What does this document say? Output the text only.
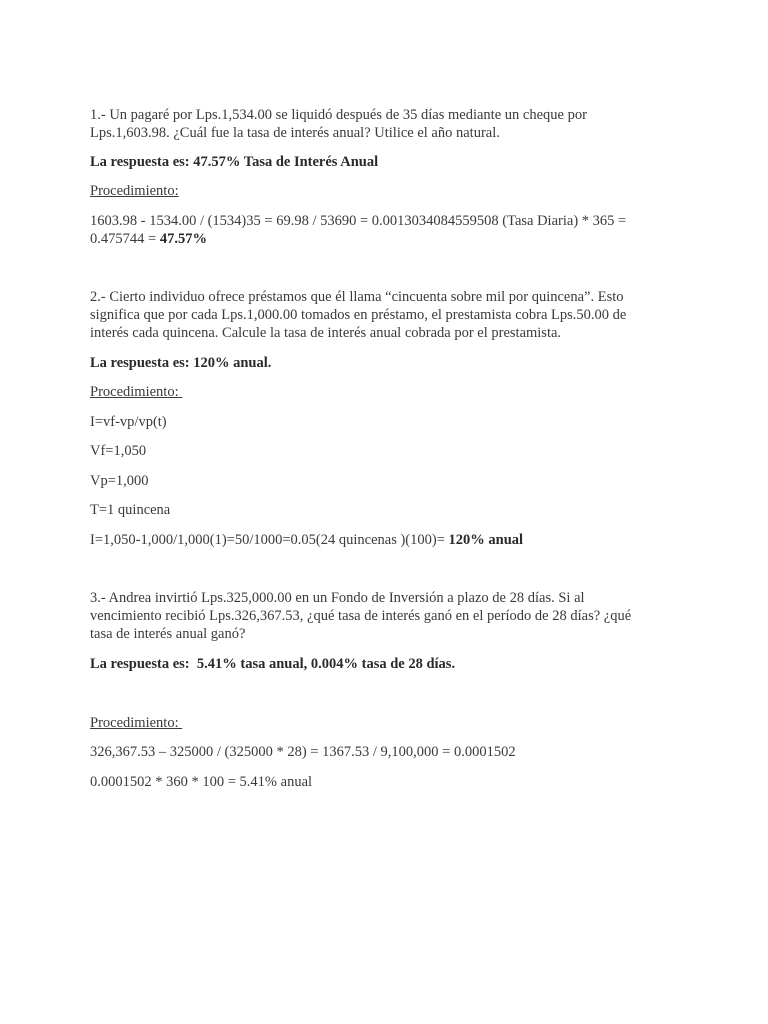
1.- Un pagaré por Lps.1,534.00 se liquidó después de 35 días mediante un cheque por
Lps.1,603.98. ¿Cuál fue la tasa de interés anual? Utilice el año natural.

La respuesta es: 47.57% Tasa de Interés Anual

Procedimiento:

1603.98 - 1534.00 / (1534)35 = 69.98 / 53690 = 0.0013034084559508 (Tasa Diaria) * 365 =
0.475744 = 47.57%

2.- Cierto individuo ofrece préstamos que él llama “cincuenta sobre mil por quincena”. Esto
significa que por cada Lps.1,000.00 tomados en préstamo, el prestamista cobra Lps.50.00 de
interés cada quincena. Calcule la tasa de interés anual cobrada por el prestamista.

La respuesta es: 120% anual.

Procedimiento:

I=vf-vp/vp(t)

Vf=1,050

Vp=1,000

T=1 quincena

I=1,050-1,000/1,000(1)=50/1000=0.05(24 quincenas )(100)= 120% anual

3.- Andrea invirtió Lps.325,000.00 en un Fondo de Inversión a plazo de 28 días. Si al
vencimiento recibió Lps.326,367.53, ¿qué tasa de interés ganó en el período de 28 días? ¿qué
tasa de interés anual ganó?

La respuesta es:  5.41% tasa anual, 0.004% tasa de 28 días.

Procedimiento:

326,367.53 – 325000 / (325000 * 28) = 1367.53 / 9,100,000 = 0.0001502

0.0001502 * 360 * 100 = 5.41% anual
